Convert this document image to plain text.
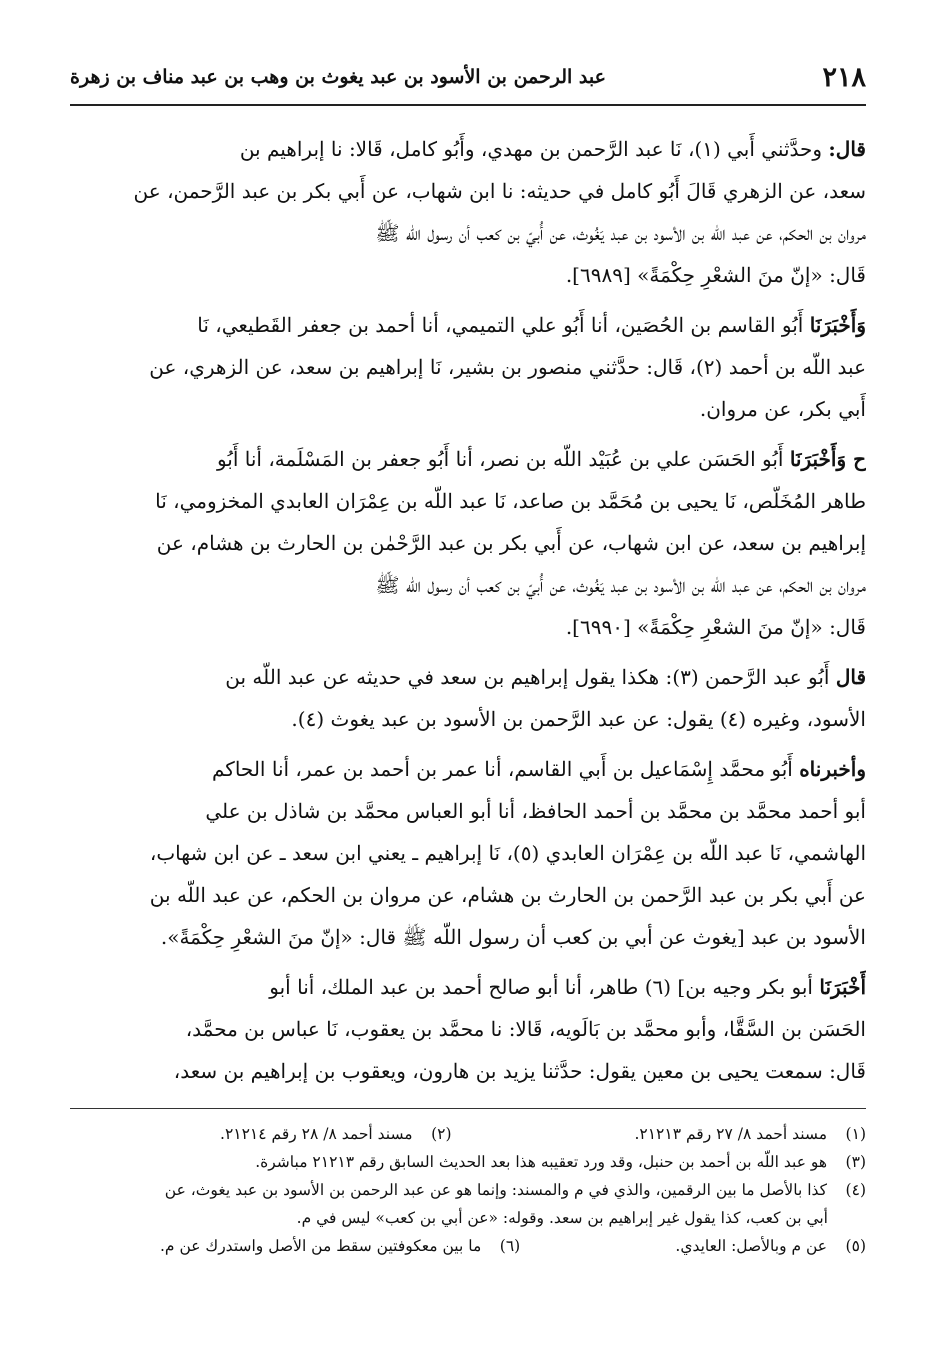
٢١٨
عبد الرحمن بن الأسود بن عبد يغوث بن وهب بن عبد مناف بن زهرة
قال: وحدَّثني أَبي (١)، نَا عبد الرَّحمن بن مهدي، وأَبُو كامل، قَالا: نا إبراهيم بن
سعد، عن الزهري قَالَ أَبُو كامل في حديثه: نا ابن شهاب، عن أَبي بكر بن عبد الرَّحمن، عن
مروان بن الحكم، عن عبد اللّه بن الأسود بن عبد يَغُوث، عن أُبيّ بن كعب أن رسول الله ﷺ
قَال: «إنّ منَ الشعْرِ حِكْمَةً» [٦٩٨٩].
وَأَخْبَرَنَا أَبُو القاسم بن الحُصَين، أنا أَبُو علي التميمي، أنا أحمد بن جعفر القَطيعي، نَا
عبد اللّه بن أحمد (٢)، قَال: حدَّثني منصور بن بشير، نَا إبراهيم بن سعد، عن الزهري، عن
أَبي بكر، عن مروان.
ح وَأَخْبَرَنَا أَبُو الحَسَن علي بن عُبَيْد اللّه بن نصر، أنا أَبُو جعفر بن المَسْلَمة، أنا أَبُو
طاهر المُخَلّص، نَا يحيى بن مُحَمَّد بن صاعد، نَا عبد اللّه بن عِمْرَان العابدي المخزومي، نَا
إبراهيم بن سعد، عن ابن شهاب، عن أَبي بكر بن عبد الرَّحْمٰن بن الحارث بن هشام، عن
مروان بن الحكم، عن عبد اللّه بن الأسود بن عبد يَغُوث، عن أُبيّ بن كعب أن رسول الله ﷺ
قَال: «إنّ منَ الشعْرِ حِكْمَةً» [٦٩٩٠].
قال أَبُو عبد الرَّحمن (٣): هكذا يقول إبراهيم بن سعد في حديثه عن عبد اللّه بن
الأسود، وغيره (٤) يقول: عن عبد الرَّحمن بن الأسود بن عبد يغوث (٤).
وأخبرناه أَبُو محمَّد إِسْمَاعيل بن أَبي القاسم، أنا عمر بن أحمد بن عمر، أنا الحاكم
أبو أحمد محمَّد بن محمَّد بن أحمد الحافظ، أنا أبو العباس محمَّد بن شاذل بن علي
الهاشمي، نَا عبد اللّه بن عِمْرَان العابدي (٥)، نَا إبراهيم ـ يعني ابن سعد ـ عن ابن شهاب،
عن أَبي بكر بن عبد الرَّحمن بن الحارث بن هشام، عن مروان بن الحكم، عن عبد اللّه بن
الأسود بن عبد [يغوث عن أبي بن كعب أن رسول اللّه ﷺ قال: «إنّ منَ الشعْرِ حِكْمَةً».
أَخْبَرَنَا أبو بكر وجيه بن] (٦) طاهر، أنا أبو صالح أحمد بن عبد الملك، أنا أبو
الحَسَن بن السَّقَّا، وأبو محمَّد بن بَالَويه، قَالا: نا محمَّد بن يعقوب، نَا عباس بن محمَّد،
قَال: سمعت يحيى بن معين يقول: حدَّثنا يزيد بن هارون، ويعقوب بن إبراهيم بن سعد،
(١) مسند أحمد ٨/ ٢٧ رقم ٢١٢١٣.
(٢) مسند أحمد ٨/ ٢٨ رقم ٢١٢١٤.
(٣) هو عبد اللّه بن أحمد بن حنبل، وقد ورد تعقيبه هذا بعد الحديث السابق رقم ٢١٢١٣ مباشرة.
(٤) كذا بالأصل ما بين الرقمين، والذي في م والمسند: وإنما هو عن عبد الرحمن بن الأسود بن عبد يغوث، عن
أبي بن كعب، كذا يقول غير إبراهيم بن سعد. وقوله: «عن أبي بن كعب» ليس في م.
(٥) عن م وبالأصل: العايدي.
(٦) ما بين معكوفتين سقط من الأصل واستدرك عن م.
